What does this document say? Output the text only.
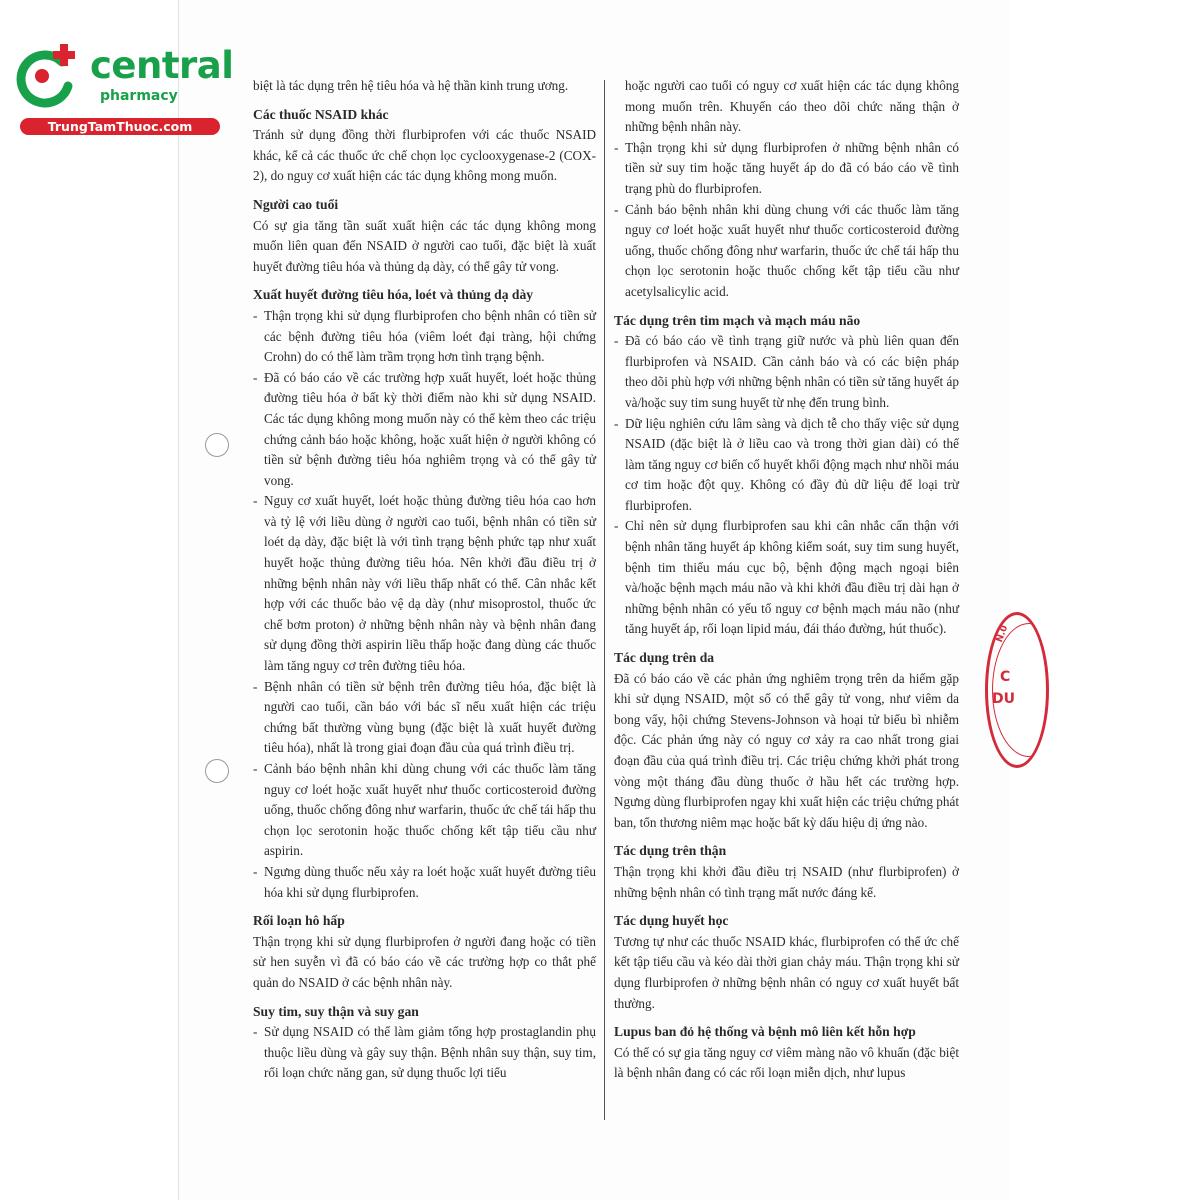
N.0
C
DU
central
pharmacy
TrungTamThuoc.com

biệt là tác dụng trên hệ tiêu hóa và hệ thần kinh trung ương.

Các thuốc NSAID khác

Tránh sử dụng đồng thời flurbiprofen với các thuốc NSAID khác, kể cả các thuốc ức chế chọn lọc cyclooxygenase-2 (COX-2), do nguy cơ xuất hiện các tác dụng không mong muốn.

Người cao tuổi

Có sự gia tăng tần suất xuất hiện các tác dụng không mong muốn liên quan đến NSAID ở người cao tuổi, đặc biệt là xuất huyết đường tiêu hóa và thủng dạ dày, có thể gây tử vong.

Xuất huyết đường tiêu hóa, loét và thủng dạ dày
- Thận trọng khi sử dụng flurbiprofen cho bệnh nhân có tiền sử các bệnh đường tiêu hóa (viêm loét đại tràng, hội chứng Crohn) do có thể làm trầm trọng hơn tình trạng bệnh.
- Đã có báo cáo về các trường hợp xuất huyết, loét hoặc thủng đường tiêu hóa ở bất kỳ thời điểm nào khi sử dụng NSAID. Các tác dụng không mong muốn này có thể kèm theo các triệu chứng cảnh báo hoặc không, hoặc xuất hiện ở người không có tiền sử bệnh đường tiêu hóa nghiêm trọng và có thể gây tử vong.
- Nguy cơ xuất huyết, loét hoặc thủng đường tiêu hóa cao hơn và tỷ lệ với liều dùng ở người cao tuổi, bệnh nhân có tiền sử loét dạ dày, đặc biệt là với tình trạng bệnh phức tạp như xuất huyết hoặc thủng đường tiêu hóa. Nên khởi đầu điều trị ở những bệnh nhân này với liều thấp nhất có thể. Cân nhắc kết hợp với các thuốc bảo vệ dạ dày (như misoprostol, thuốc ức chế bơm proton) ở những bệnh nhân này và bệnh nhân đang sử dụng đồng thời aspirin liều thấp hoặc đang dùng các thuốc làm tăng nguy cơ trên đường tiêu hóa.
- Bệnh nhân có tiền sử bệnh trên đường tiêu hóa, đặc biệt là người cao tuổi, cần báo với bác sĩ nếu xuất hiện các triệu chứng bất thường vùng bụng (đặc biệt là xuất huyết đường tiêu hóa), nhất là trong giai đoạn đầu của quá trình điều trị.
- Cảnh báo bệnh nhân khi dùng chung với các thuốc làm tăng nguy cơ loét hoặc xuất huyết như thuốc corticosteroid đường uống, thuốc chống đông như warfarin, thuốc ức chế tái hấp thu chọn lọc serotonin hoặc thuốc chống kết tập tiểu cầu như aspirin.
- Ngưng dùng thuốc nếu xảy ra loét hoặc xuất huyết đường tiêu hóa khi sử dụng flurbiprofen.
Rối loạn hô hấp

Thận trọng khi sử dụng flurbiprofen ở người đang hoặc có tiền sử hen suyễn vì đã có báo cáo về các trường hợp co thắt phế quản do NSAID ở các bệnh nhân này.

Suy tim, suy thận và suy gan
- Sử dụng NSAID có thể làm giảm tổng hợp prostaglandin phụ thuộc liều dùng và gây suy thận. Bệnh nhân suy thận, suy tim, rối loạn chức năng gan, sử dụng thuốc lợi tiểu

hoặc người cao tuổi có nguy cơ xuất hiện các tác dụng không mong muốn trên. Khuyến cáo theo dõi chức năng thận ở những bệnh nhân này.

- Thận trọng khi sử dụng flurbiprofen ở những bệnh nhân có tiền sử suy tim hoặc tăng huyết áp do đã có báo cáo về tình trạng phù do flurbiprofen.
- Cảnh báo bệnh nhân khi dùng chung với các thuốc làm tăng nguy cơ loét hoặc xuất huyết như thuốc corticosteroid đường uống, thuốc chống đông như warfarin, thuốc ức chế tái hấp thu chọn lọc serotonin hoặc thuốc chống kết tập tiểu cầu như acetylsalicylic acid.
Tác dụng trên tim mạch và mạch máu não
- Đã có báo cáo về tình trạng giữ nước và phù liên quan đến flurbiprofen và NSAID. Cần cảnh báo và có các biện pháp theo dõi phù hợp với những bệnh nhân có tiền sử tăng huyết áp và/hoặc suy tim sung huyết từ nhẹ đến trung bình.
- Dữ liệu nghiên cứu lâm sàng và dịch tễ cho thấy việc sử dụng NSAID (đặc biệt là ở liều cao và trong thời gian dài) có thể làm tăng nguy cơ biến cố huyết khối động mạch như nhồi máu cơ tim hoặc đột quỵ. Không có đầy đủ dữ liệu để loại trừ flurbiprofen.
- Chỉ nên sử dụng flurbiprofen sau khi cân nhắc cẩn thận với bệnh nhân tăng huyết áp không kiểm soát, suy tim sung huyết, bệnh tim thiếu máu cục bộ, bệnh động mạch ngoại biên và/hoặc bệnh mạch máu não và khi khởi đầu điều trị dài hạn ở những bệnh nhân có yếu tố nguy cơ bệnh mạch máu não (như tăng huyết áp, rối loạn lipid máu, đái tháo đường, hút thuốc).
Tác dụng trên da

Đã có báo cáo về các phản ứng nghiêm trọng trên da hiếm gặp khi sử dụng NSAID, một số có thể gây tử vong, như viêm da bong vẩy, hội chứng Stevens-Johnson và hoại tử biểu bì nhiễm độc. Các phản ứng này có nguy cơ xảy ra cao nhất trong giai đoạn đầu của quá trình điều trị. Các triệu chứng khởi phát trong vòng một tháng đầu dùng thuốc ở hầu hết các trường hợp. Ngưng dùng flurbiprofen ngay khi xuất hiện các triệu chứng phát ban, tổn thương niêm mạc hoặc bất kỳ dấu hiệu dị ứng nào.

Tác dụng trên thận

Thận trọng khi khởi đầu điều trị NSAID (như flurbiprofen) ở những bệnh nhân có tình trạng mất nước đáng kể.

Tác dụng huyết học

Tương tự như các thuốc NSAID khác, flurbiprofen có thể ức chế kết tập tiểu cầu và kéo dài thời gian chảy máu. Thận trọng khi sử dụng flurbiprofen ở những bệnh nhân có nguy cơ xuất huyết bất thường.

Lupus ban đỏ hệ thống và bệnh mô liên kết hỗn hợp

Có thể có sự gia tăng nguy cơ viêm màng não vô khuẩn (đặc biệt là bệnh nhân đang có các rối loạn miễn dịch, như lupus
